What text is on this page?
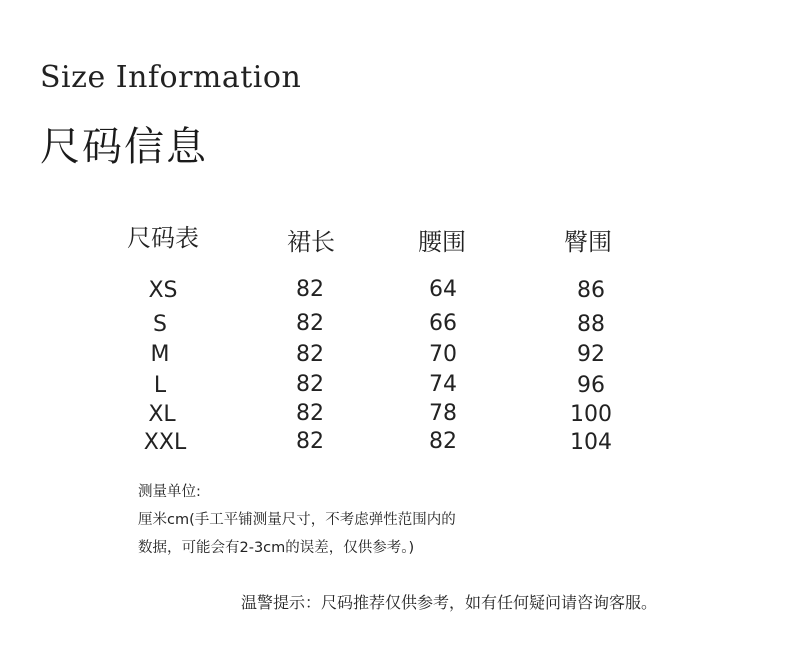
Size Information
尺码信息
尺码表	裙长	腰围	臀围
XS	82	64	86
S	82	66	88
M	82	70	92
L	82	74	96
XL	82	78	100
XXL	82	82	104
测量单位:
厘米cm(手工平铺测量尺寸，不考虑弹性范围内的
数据，可能会有2-3cm的误差，仅供参考。)
温警提示：尺码推荐仅供参考，如有任何疑问请咨询客服。
